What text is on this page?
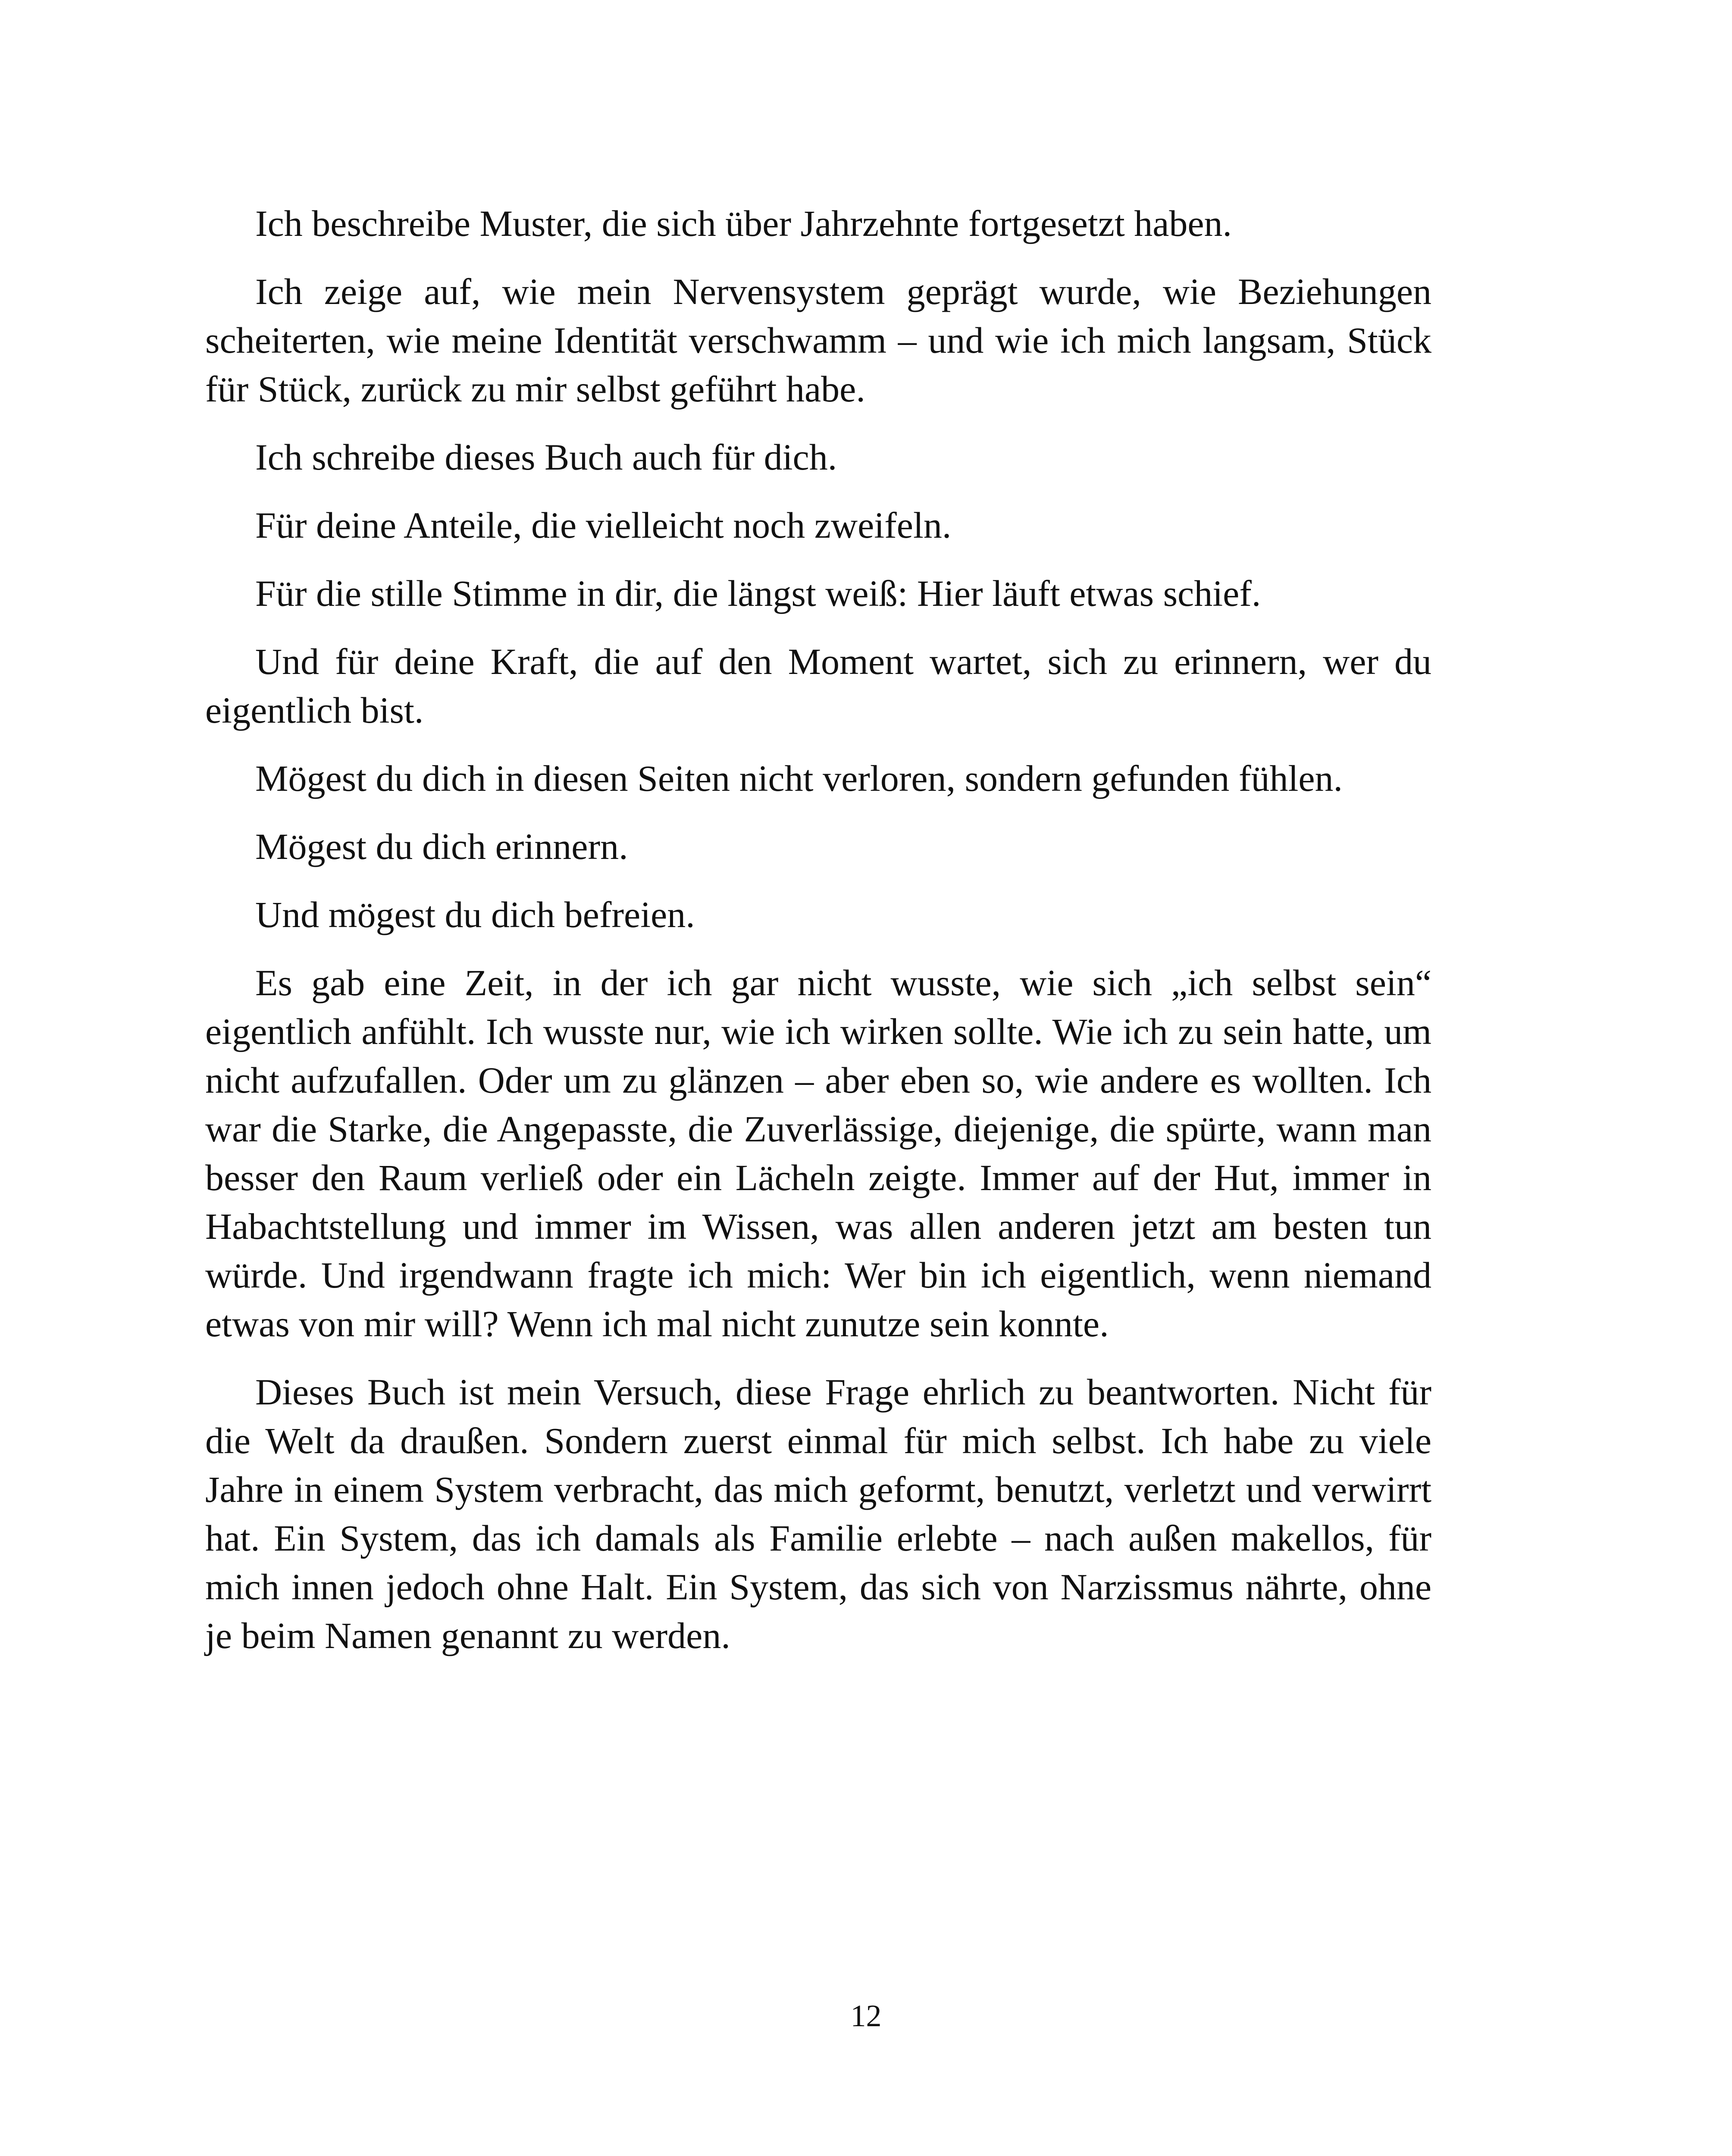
Ich beschreibe Muster, die sich über Jahrzehnte fortgesetzt haben.

Ich zeige auf, wie mein Nervensystem geprägt wurde, wie Beziehungen scheiterten, wie meine Identität verschwamm – und wie ich mich langsam, Stück für Stück, zurück zu mir selbst geführt habe.

Ich schreibe dieses Buch auch für dich.

Für deine Anteile, die vielleicht noch zweifeln.

Für die stille Stimme in dir, die längst weiß: Hier läuft etwas schief.

Und für deine Kraft, die auf den Moment wartet, sich zu erinnern, wer du eigentlich bist.

Mögest du dich in diesen Seiten nicht verloren, sondern gefunden fühlen.

Mögest du dich erinnern.

Und mögest du dich befreien.

Es gab eine Zeit, in der ich gar nicht wusste, wie sich „ich selbst sein“ eigentlich anfühlt. Ich wusste nur, wie ich wirken sollte. Wie ich zu sein hatte, um nicht aufzufallen. Oder um zu glänzen – aber eben so, wie andere es wollten. Ich war die Starke, die Angepasste, die Zuverlässige, diejenige, die spürte, wann man besser den Raum verließ oder ein Lächeln zeigte. Immer auf der Hut, immer in Habachtstellung und immer im Wissen, was allen anderen jetzt am besten tun würde. Und irgendwann fragte ich mich: Wer bin ich eigentlich, wenn niemand etwas von mir will? Wenn ich mal nicht zunutze sein konnte.

Dieses Buch ist mein Versuch, diese Frage ehrlich zu beantworten. Nicht für die Welt da draußen. Sondern zuerst einmal für mich selbst. Ich habe zu viele Jahre in einem System verbracht, das mich geformt, benutzt, verletzt und verwirrt hat. Ein System, das ich damals als Familie erlebte – nach außen makellos, für mich innen jedoch ohne Halt. Ein System, das sich von Narzissmus nährte, ohne je beim Namen genannt zu werden.

12
